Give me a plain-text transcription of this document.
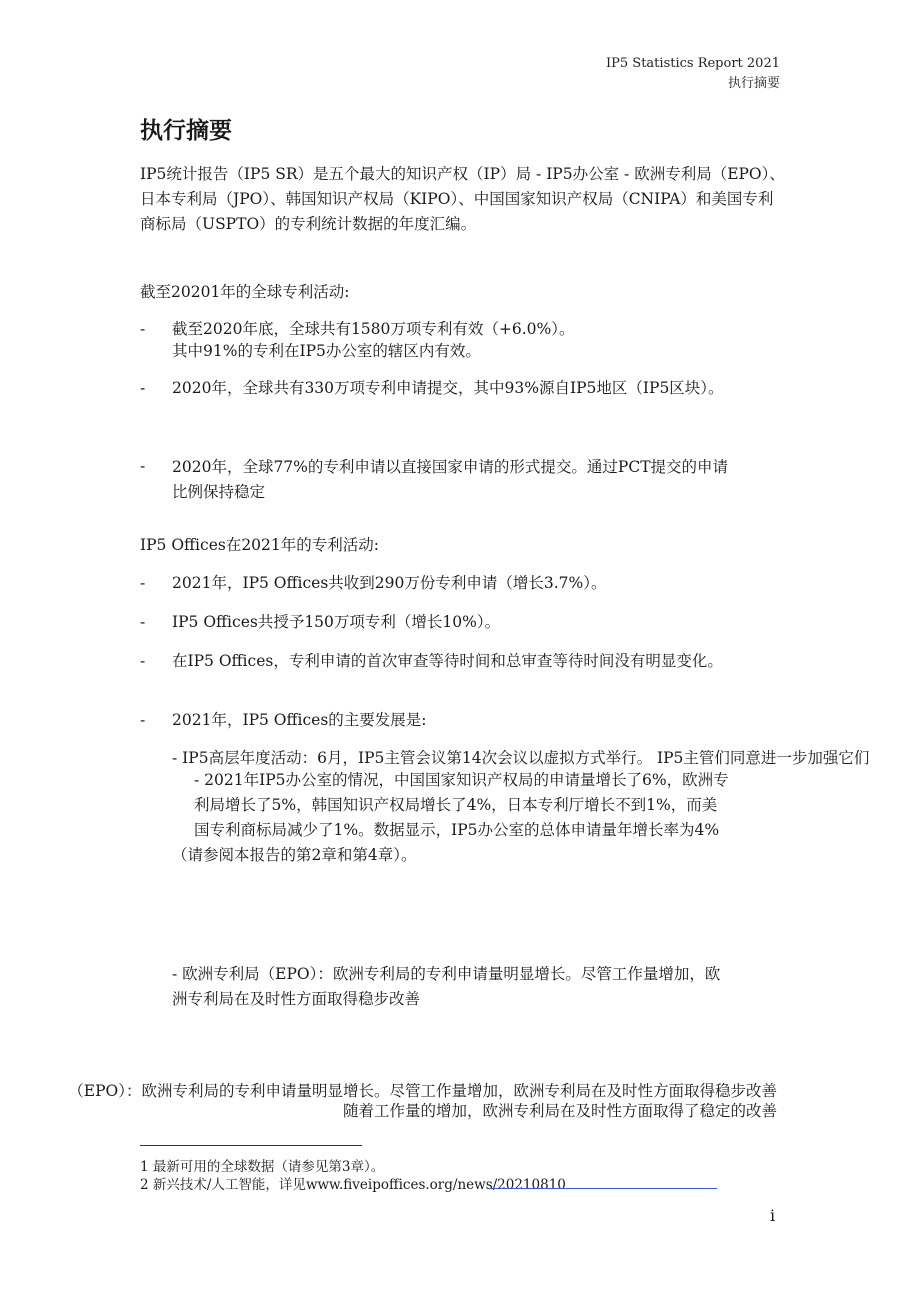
IP5 Statistics Report 2021
执行摘要
执行摘要
IP5统计报告（IP5 SR）是五个最大的知识产权（IP）局 - IP5办公室 - 欧洲专利局（EPO）、日本专利局（JPO）、韩国知识产权局（KIPO）、中国国家知识产权局（CNIPA）和美国专利商标局（USPTO）的专利统计数据的年度汇编。
截至20201年的全球专利活动:
- 截至2020年底，全球共有1580万项专利有效（+6.0%）。
其中91%的专利在IP5办公室的辖区内有效。
- 2020年，全球共有330万项专利申请提交，其中93%源自IP5地区（IP5区块）。
- 2020年，全球77%的专利申请以直接国家申请的形式提交。通过PCT提交的申请
比例保持稳定
IP5 Offices在2021年的专利活动:
- 2021年，IP5 Offices共收到290万份专利申请（增长3.7%）。
- IP5 Offices共授予150万项专利（增长10%）。
- 在IP5 Offices，专利申请的首次审查等待时间和总审查等待时间没有明显变化。
- 2021年，IP5 Offices的主要发展是:
- IP5高层年度活动：6月，IP5主管会议第14次会议以虚拟方式举行。 IP5主管们同意进一步加强它们
- 2021年IP5办公室的情况，中国国家知识产权局的申请量增长了6%，欧洲专
利局增长了5%，韩国知识产权局增长了4%，日本专利厅增长不到1%，而美
国专利商标局减少了1%。数据显示，IP5办公室的总体申请量年增长率为4%
（请参阅本报告的第2章和第4章）。
- 欧洲专利局（EPO）：欧洲专利局的专利申请量明显增长。尽管工作量增加，欧
洲专利局在及时性方面取得稳步改善
（EPO）：欧洲专利局的专利申请量明显增长。尽管工作量增加，欧洲专利局在及时性方面取得稳步改善
随着工作量的增加，欧洲专利局在及时性方面取得了稳定的改善
1 最新可用的全球数据（请参见第3章）。
2 新兴技术/人工智能，详见www.fiveipoffices.org/news/20210810
i
